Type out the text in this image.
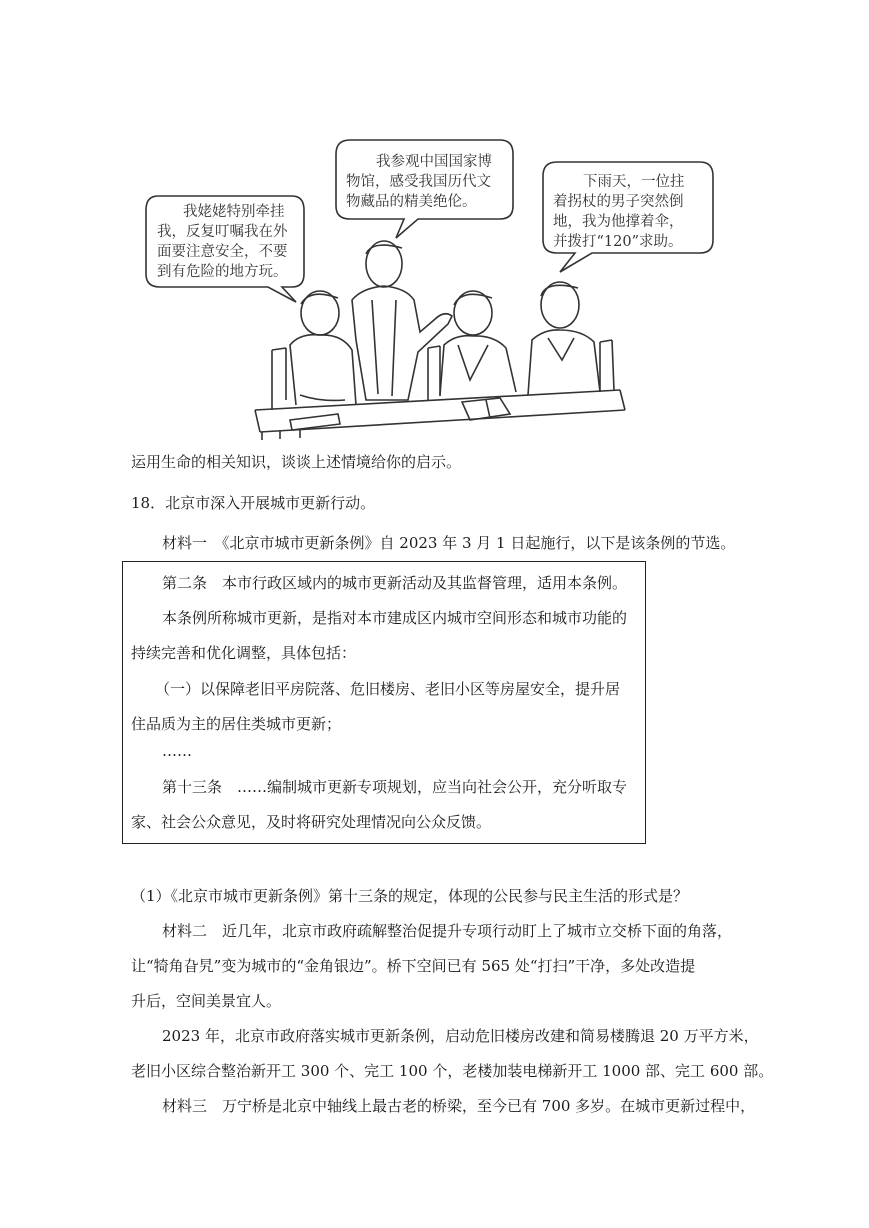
我姥姥特别牵挂
我，反复叮嘱我在外
面要注意安全，不要
到有危险的地方玩。
我参观中国国家博
物馆，感受我国历代文
物藏品的精美绝伦。
下雨天，一位拄
着拐杖的男子突然倒
地，我为他撑着伞，
并拨打“120”求助。
运用生命的相关知识，谈谈上述情境给你的启示。
18．北京市深入开展城市更新行动。
材料一　《北京市城市更新条例》自 2023 年 3 月 1 日起施行，以下是该条例的节选。
第二条　本市行政区域内的城市更新活动及其监督管理，适用本条例。
本条例所称城市更新，是指对本市建成区内城市空间形态和城市功能的
持续完善和优化调整，具体包括：
（一）以保障老旧平房院落、危旧楼房、老旧小区等房屋安全，提升居
住品质为主的居住类城市更新；
……
第十三条　……编制城市更新专项规划，应当向社会公开，充分听取专
家、社会公众意见，及时将研究处理情况向公众反馈。
（1）《北京市城市更新条例》第十三条的规定，体现的公民参与民主生活的形式是？
材料二　近几年，北京市政府疏解整治促提升专项行动盯上了城市立交桥下面的角落，
让“犄角旮旯”变为城市的“金角银边”。桥下空间已有 565 处“打扫”干净，多处改造提
升后，空间美景宜人。
2023 年，北京市政府落实城市更新条例，启动危旧楼房改建和简易楼腾退 20 万平方米，
老旧小区综合整治新开工 300 个、完工 100 个，老楼加装电梯新开工 1000 部、完工 600 部。
材料三　万宁桥是北京中轴线上最古老的桥梁，至今已有 700 多岁。在城市更新过程中，
